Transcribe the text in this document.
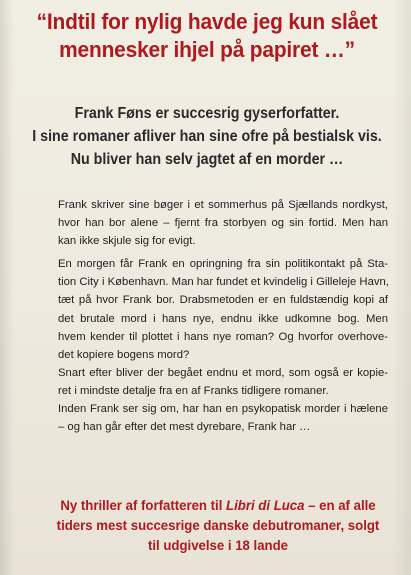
“Indtil for nylig havde jeg kun slået
mennesker ihjel på papiret …”
Frank Føns er succesrig gyserforfatter.
I sine romaner afliver han sine ofre på bestialsk vis.
Nu bliver han selv jagtet af en morder …

Frank skriver sine bøger i et sommerhus på Sjællands nordkyst,
hvor han bor alene – fjernt fra storbyen og sin fortid. Men han
kan ikke skjule sig for evigt.

En morgen får Frank en opringning fra sin politikontakt på Sta-
tion City i København. Man har fundet et kvindelig i Gilleleje Havn,
tæt på hvor Frank bor. Drabsmetoden er en fuldstændig kopi af
det brutale mord i hans nye, endnu ikke udkomne bog. Men
hvem kender til plottet i hans nye roman? Og hvorfor overhove-
det kopiere bogens mord?

Snart efter bliver der begået endnu et mord, som også er kopie-
ret i mindste detalje fra en af Franks tidligere romaner.

Inden Frank ser sig om, har han en psykopatisk morder i hælene
– og han går efter det mest dyrebare, Frank har …

Ny thriller af forfatteren til Libri di Luca – en af alle
tiders mest succesrige danske debutromaner, solgt
til udgivelse i 18 lande
